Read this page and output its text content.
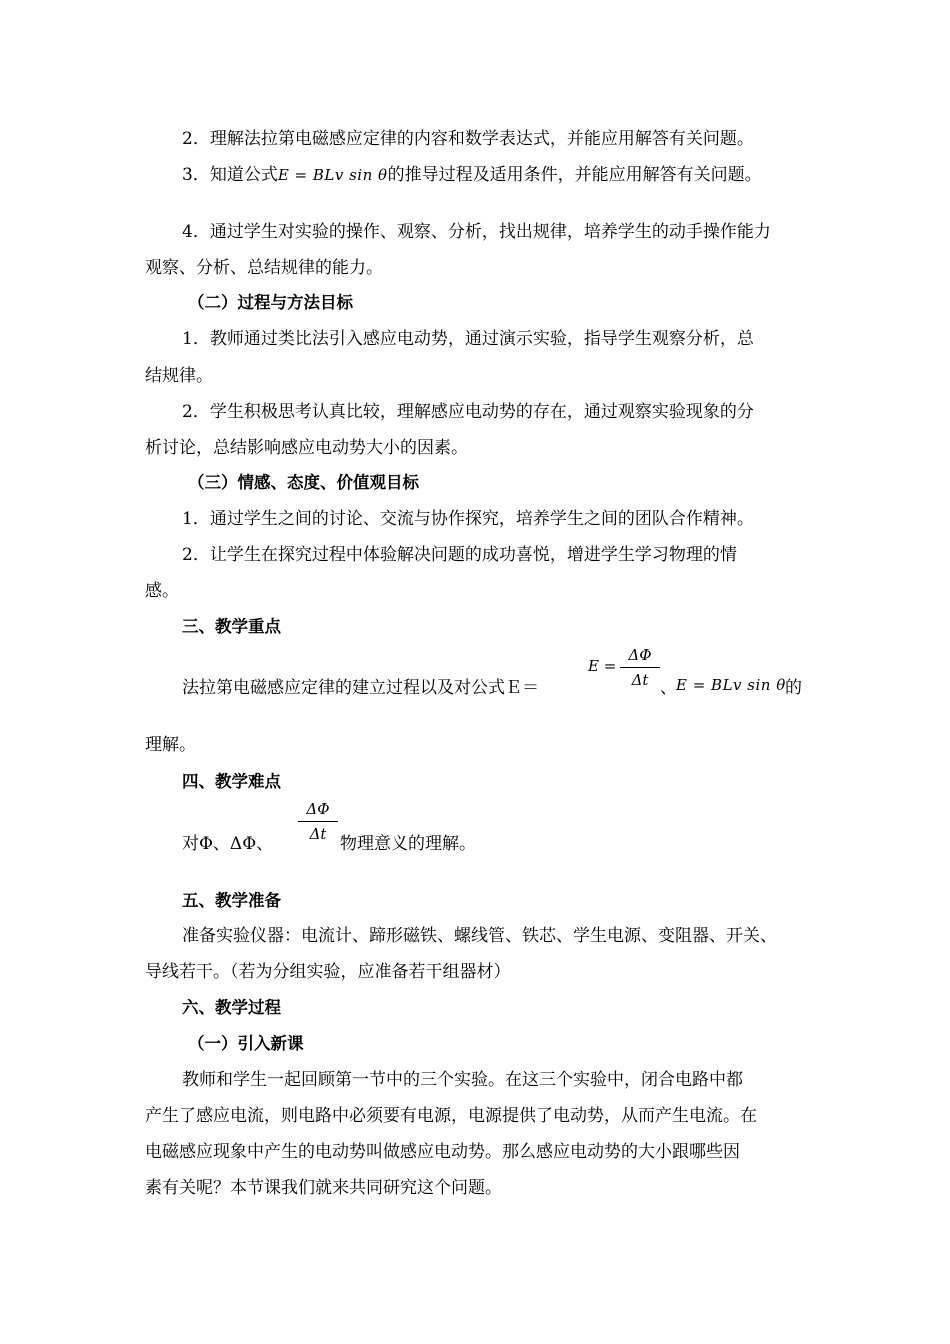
2．理解法拉第电磁感应定律的内容和数学表达式，并能应用解答有关问题。
3．知道公式E = BLv sin θ的推导过程及适用条件，并能应用解答有关问题。
4．通过学生对实验的操作、观察、分析，找出规律，培养学生的动手操作能力
观察、分析、总结规律的能力。
（二）过程与方法目标
1．教师通过类比法引入感应电动势，通过演示实验，指导学生观察分析，总
结规律。
2．学生积极思考认真比较，理解感应电动势的存在，通过观察实验现象的分
析讨论，总结影响感应电动势大小的因素。
（三）情感、态度、价值观目标
1．通过学生之间的讨论、交流与协作探究，培养学生之间的团队合作精神。
2．让学生在探究过程中体验解决问题的成功喜悦，增进学生学习物理的情
感。
三、教学重点
法拉第电磁感应定律的建立过程以及对公式Ｅ＝
E =
ΔΦ
Δt 、 E = BLv sin θ 的
理解。
四、教学难点
对Φ、ΔΦ、
ΔΦ
Δt 物理意义的理解。
五、教学准备
准备实验仪器：电流计、蹄形磁铁、螺线管、铁芯、学生电源、变阻器、开关、
导线若干。（若为分组实验，应准备若干组器材）
六、教学过程
（一）引入新课
教师和学生一起回顾第一节中的三个实验。在这三个实验中，闭合电路中都
产生了感应电流，则电路中必须要有电源，电源提供了电动势，从而产生电流。在
电磁感应现象中产生的电动势叫做感应电动势。那么感应电动势的大小跟哪些因
素有关呢？本节课我们就来共同研究这个问题。
